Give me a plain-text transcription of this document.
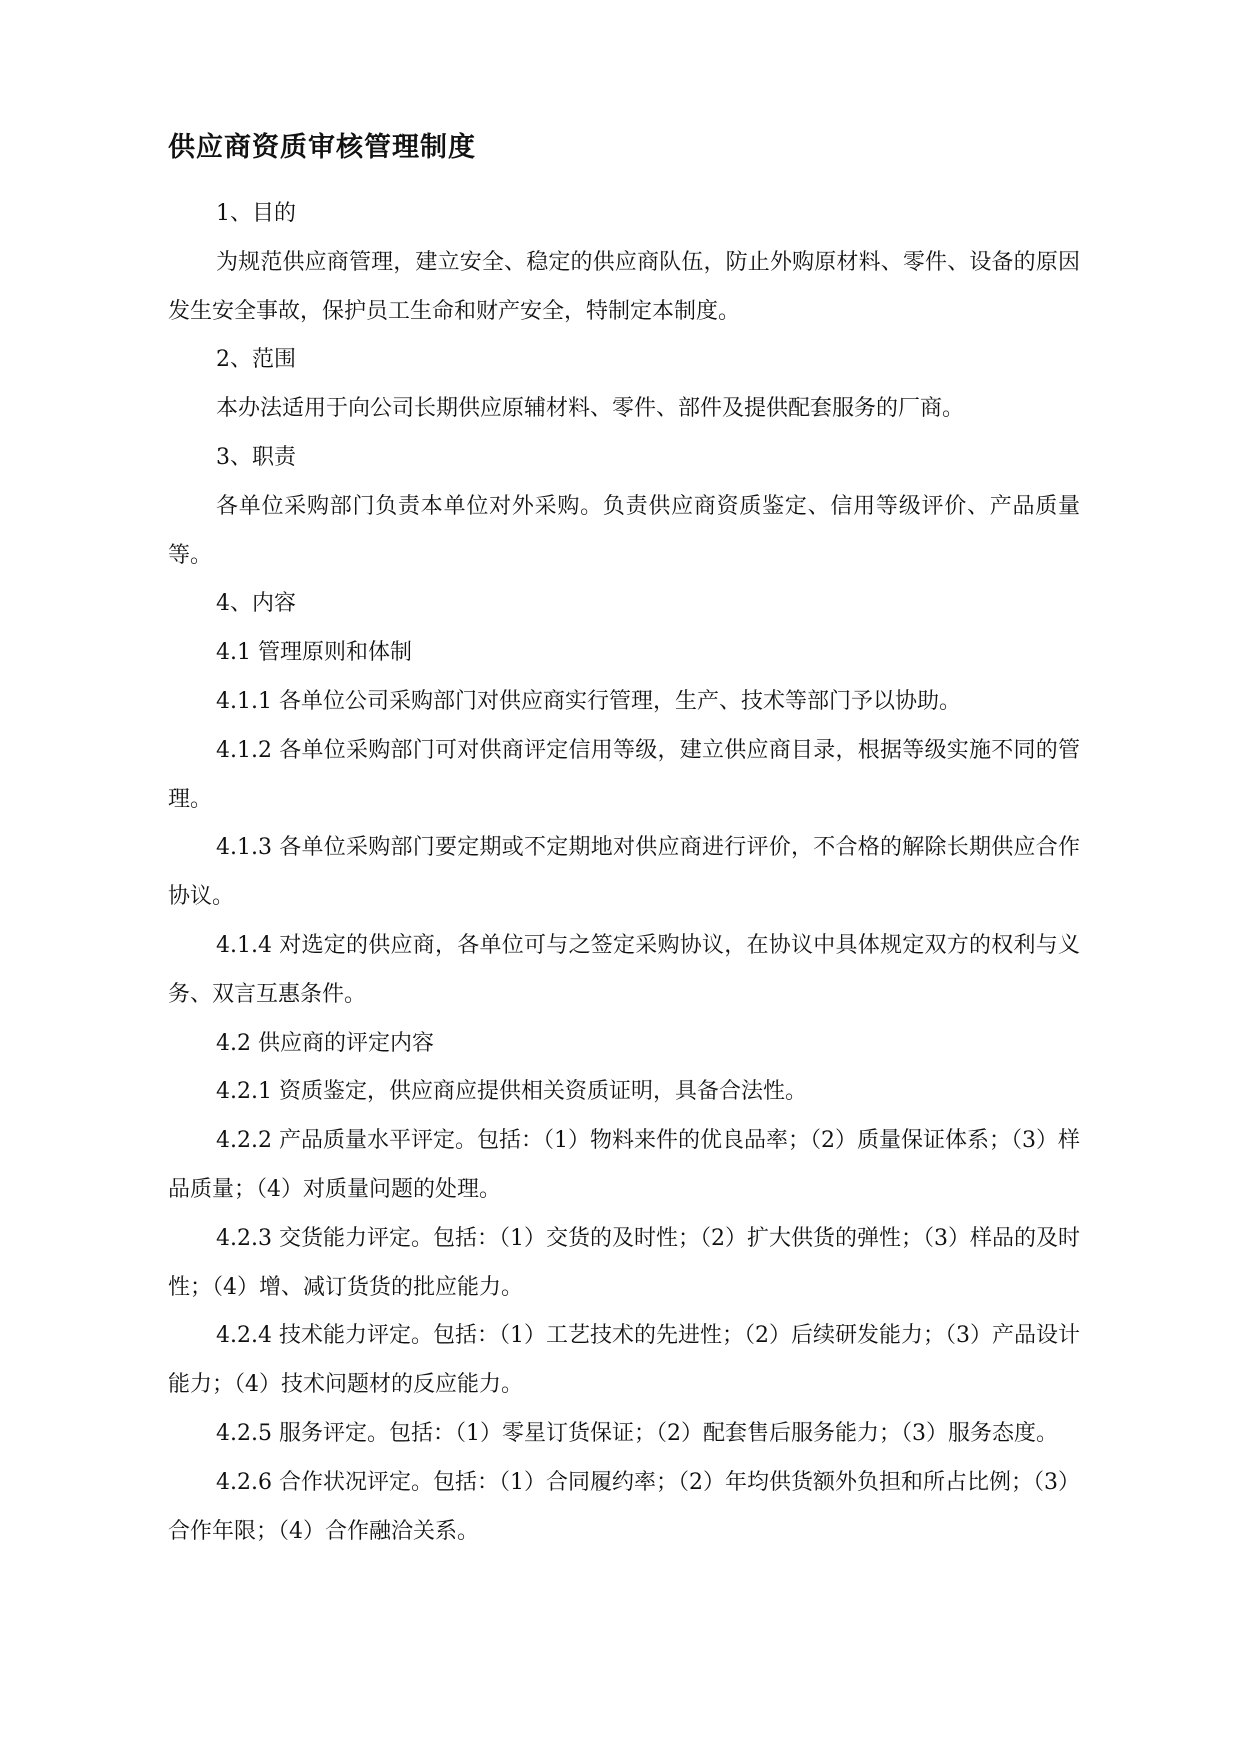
供应商资质审核管理制度

1、目的

为规范供应商管理，建立安全、稳定的供应商队伍，防止外购原材料、零件、设备的原因发生安全事故，保护员工生命和财产安全，特制定本制度。

2、范围

本办法适用于向公司长期供应原辅材料、零件、部件及提供配套服务的厂商。

3、职责

各单位采购部门负责本单位对外采购。负责供应商资质鉴定、信用等级评价、产品质量等。

4、内容

4.1 管理原则和体制

4.1.1 各单位公司采购部门对供应商实行管理，生产、技术等部门予以协助。

4.1.2 各单位采购部门可对供商评定信用等级，建立供应商目录，根据等级实施不同的管理。

4.1.3 各单位采购部门要定期或不定期地对供应商进行评价，不合格的解除长期供应合作协议。

4.1.4 对选定的供应商，各单位可与之签定采购协议，在协议中具体规定双方的权利与义务、双言互惠条件。

4.2 供应商的评定内容

4.2.1 资质鉴定，供应商应提供相关资质证明，具备合法性。

4.2.2 产品质量水平评定。包括：（1）物料来件的优良品率；（2）质量保证体系；（3）样品质量；（4）对质量问题的处理。

4.2.3 交货能力评定。包括：（1）交货的及时性；（2）扩大供货的弹性；（3）样品的及时性；（4）增、减订货货的批应能力。

4.2.4 技术能力评定。包括：（1）工艺技术的先进性；（2）后续研发能力；（3）产品设计能力；（4）技术问题材的反应能力。

4.2.5 服务评定。包括：（1）零星订货保证；（2）配套售后服务能力；（3）服务态度。

4.2.6 合作状况评定。包括：（1）合同履约率；（2）年均供货额外负担和所占比例；（3）合作年限；（4）合作融洽关系。
